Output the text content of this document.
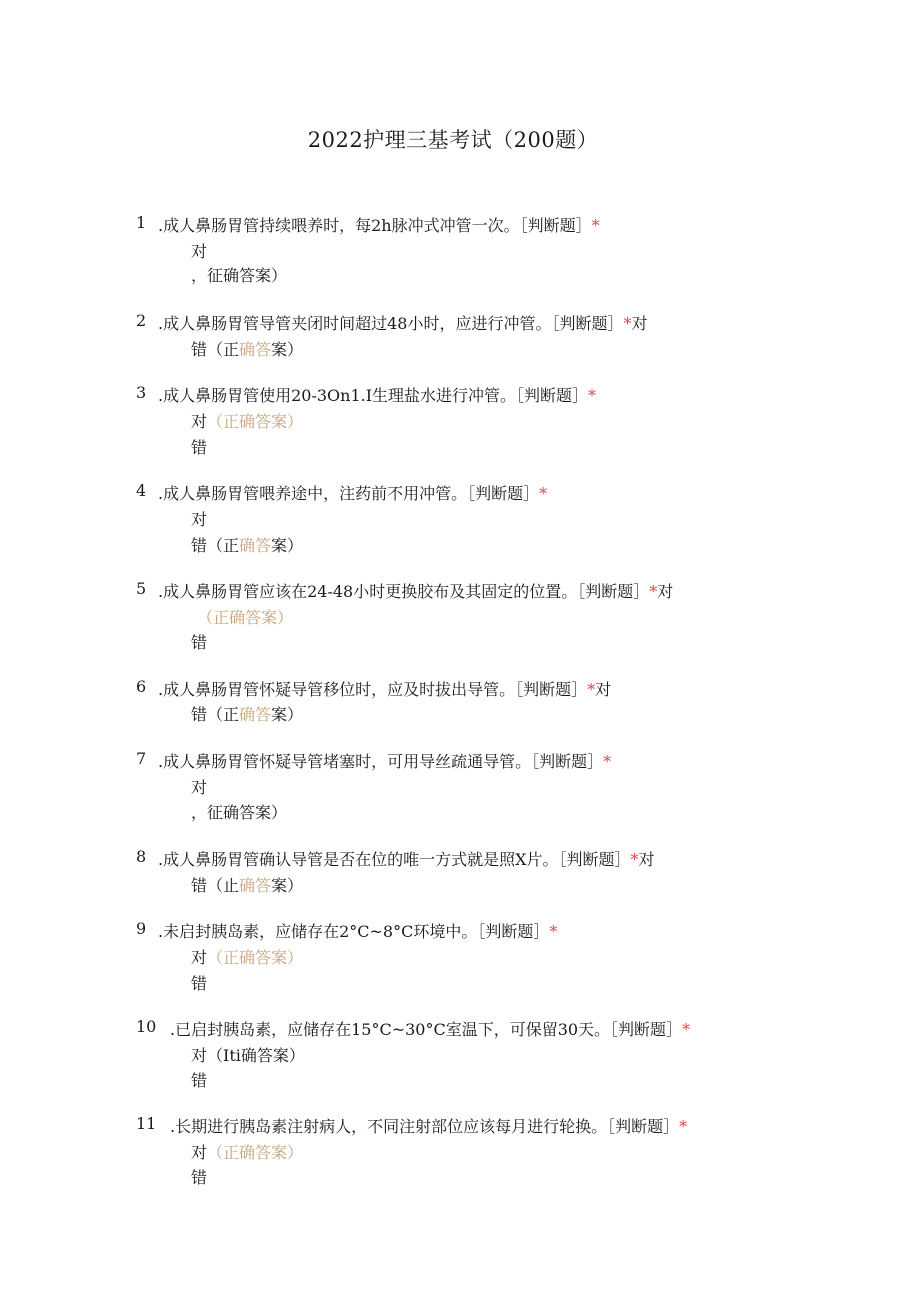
2022护理三基考试（200题）
1 .成人鼻肠胃管持续喂养时，每2h脉冲式冲管一次。［判断题］*
对
，征确答案）
2 .成人鼻肠胃管导管夹闭时间超过48小时，应进行冲管。［判断题］*对
错（正确答案）
3 .成人鼻肠胃管使用20-3On1.I生理盐水进行冲管。［判断题］*
对（正确答案）
错
4 .成人鼻肠胃管喂养途中，注药前不用冲管。［判断题］*
对
错（正确答案）
5 .成人鼻肠胃管应该在24-48小时更换胶布及其固定的位置。［判断题］*对
（正确答案）
错
6 .成人鼻肠胃管怀疑导管移位时，应及时拔出导管。［判断题］*对
错（正确答案）
7 .成人鼻肠胃管怀疑导管堵塞时，可用导丝疏通导管。［判断题］*
对
，征确答案）
8 .成人鼻肠胃管确认导管是否在位的唯一方式就是照X片。［判断题］*对
错（止确答案）
9 .未启封胰岛素，应储存在2°C~8°C环境中。［判断题］*
对（正确答案）
错
10 .已启封胰岛素，应储存在15°C~30°C室温下，可保留30天。［判断题］*
对（Iti确答案）
错
11 .长期进行胰岛素注射病人，不同注射部位应该每月进行轮换。［判断题］*
对（正确答案）
错
